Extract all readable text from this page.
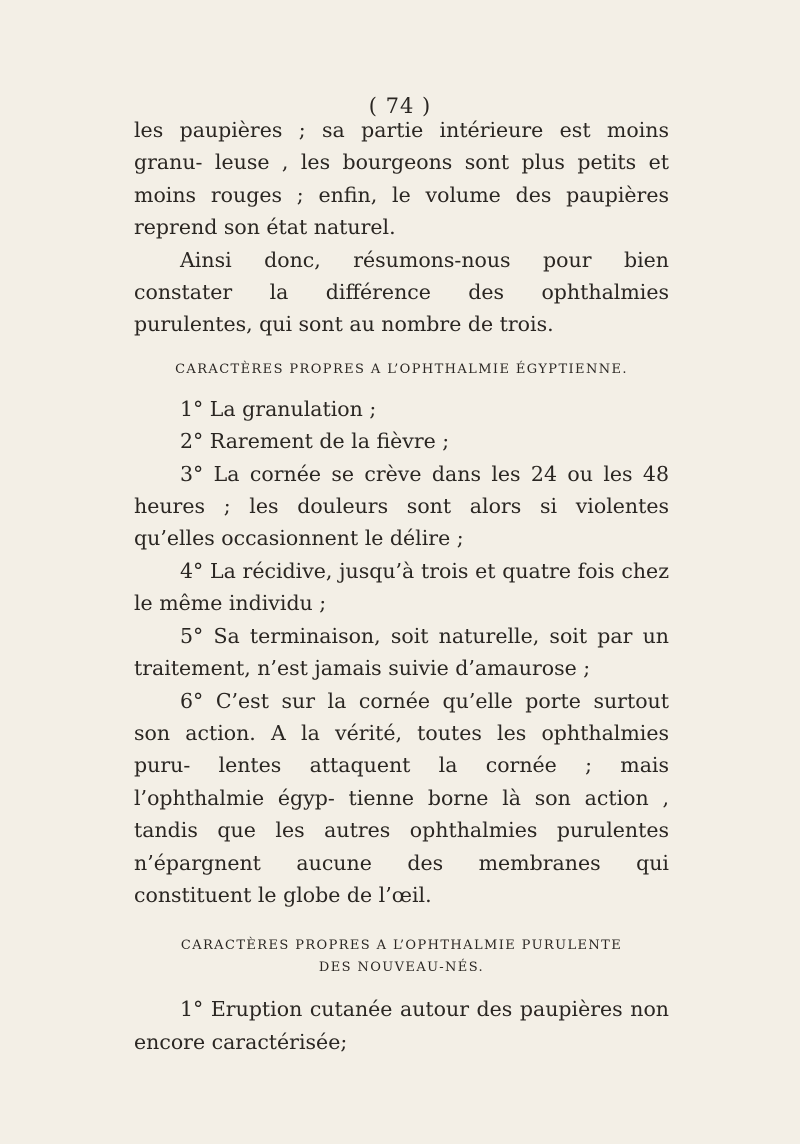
( 74 )

les paupières ; sa partie intérieure est moins granu- leuse , les bourgeons sont plus petits et moins rouges ; enfin, le volume des paupières reprend son état naturel.

Ainsi donc, résumons-nous pour bien constater la différence des ophthalmies purulentes, qui sont au nombre de trois.

CARACTÈRES PROPRES A L’OPHTHALMIE ÉGYPTIENNE.

1° La granulation ;

2° Rarement de la fièvre ;

3° La cornée se crève dans les 24 ou les 48 heures ; les douleurs sont alors si violentes qu’elles occasionnent le délire ;

4° La récidive, jusqu’à trois et quatre fois chez le même individu ;

5° Sa terminaison, soit naturelle, soit par un traitement, n’est jamais suivie d’amaurose ;

6° C’est sur la cornée qu’elle porte surtout son action. A la vérité, toutes les ophthalmies puru- lentes attaquent la cornée ; mais l’ophthalmie égyp- tienne borne là son action , tandis que les autres ophthalmies purulentes n’épargnent aucune des membranes qui constituent le globe de l’œil.

CARACTÈRES PROPRES A L’OPHTHALMIE PURULENTE
DES NOUVEAU-NÉS.

1° Eruption cutanée autour des paupières non encore caractérisée;
